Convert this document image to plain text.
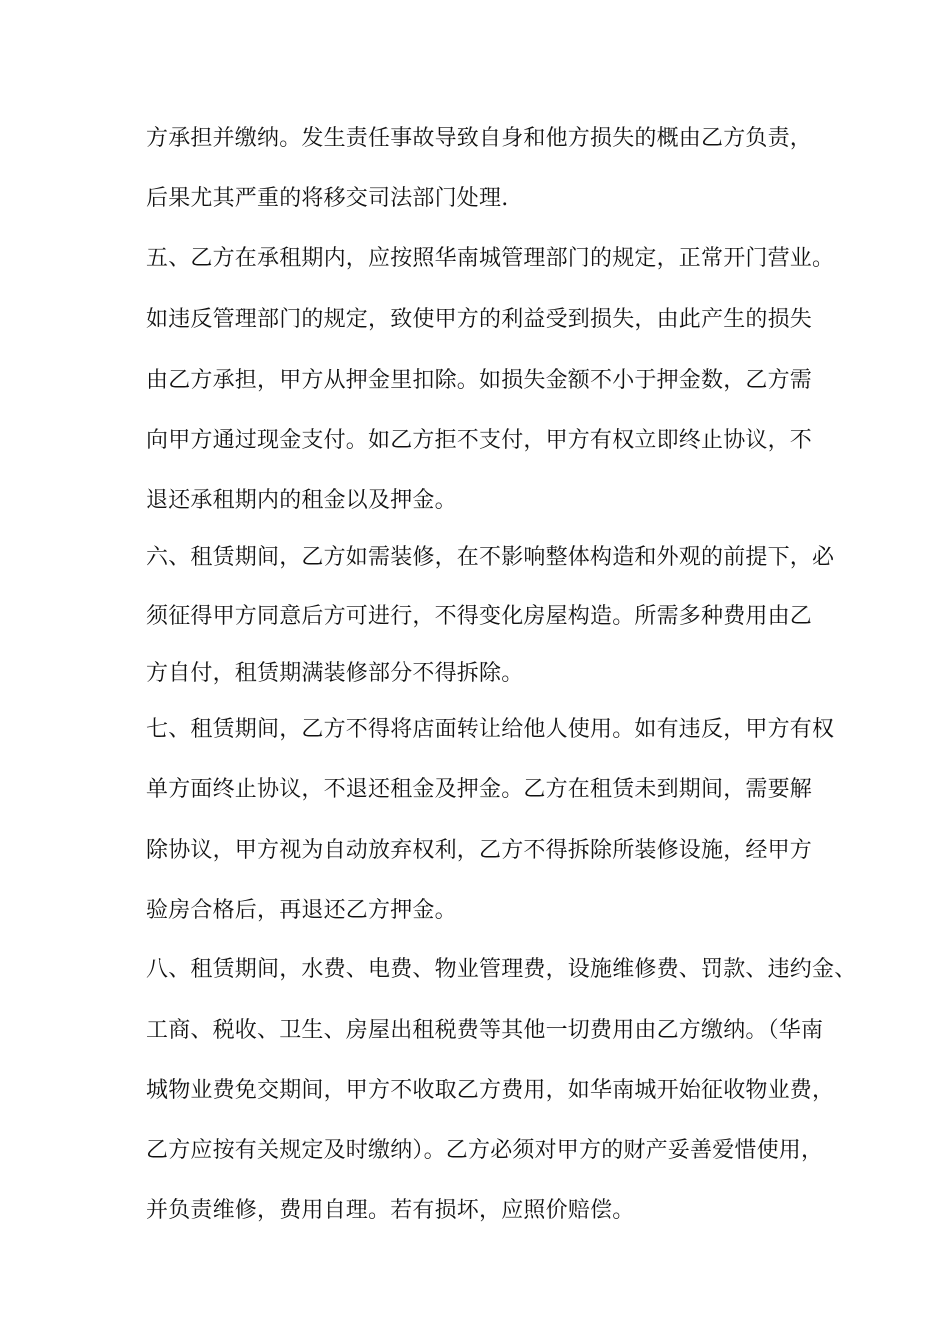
方承担并缴纳。发生责任事故导致自身和他方损失的概由乙方负责，
后果尤其严重的将移交司法部门处理.
五、乙方在承租期内，应按照华南城管理部门的规定，正常开门营业。
如违反管理部门的规定，致使甲方的利益受到损失，由此产生的损失
由乙方承担，甲方从押金里扣除。如损失金额不小于押金数，乙方需
向甲方通过现金支付。如乙方拒不支付，甲方有权立即终止协议，不
退还承租期内的租金以及押金。
六、租赁期间，乙方如需装修，在不影响整体构造和外观的前提下，必
须征得甲方同意后方可进行，不得变化房屋构造。所需多种费用由乙
方自付，租赁期满装修部分不得拆除。
七、租赁期间，乙方不得将店面转让给他人使用。如有违反，甲方有权
单方面终止协议，不退还租金及押金。乙方在租赁未到期间，需要解
除协议，甲方视为自动放弃权利，乙方不得拆除所装修设施，经甲方
验房合格后，再退还乙方押金。
八、租赁期间，水费、电费、物业管理费，设施维修费、罚款、违约金、
工商、税收、卫生、房屋出租税费等其他一切费用由乙方缴纳。（华南
城物业费免交期间，甲方不收取乙方费用，如华南城开始征收物业费，
乙方应按有关规定及时缴纳）。乙方必须对甲方的财产妥善爱惜使用，
并负责维修，费用自理。若有损坏，应照价赔偿。
